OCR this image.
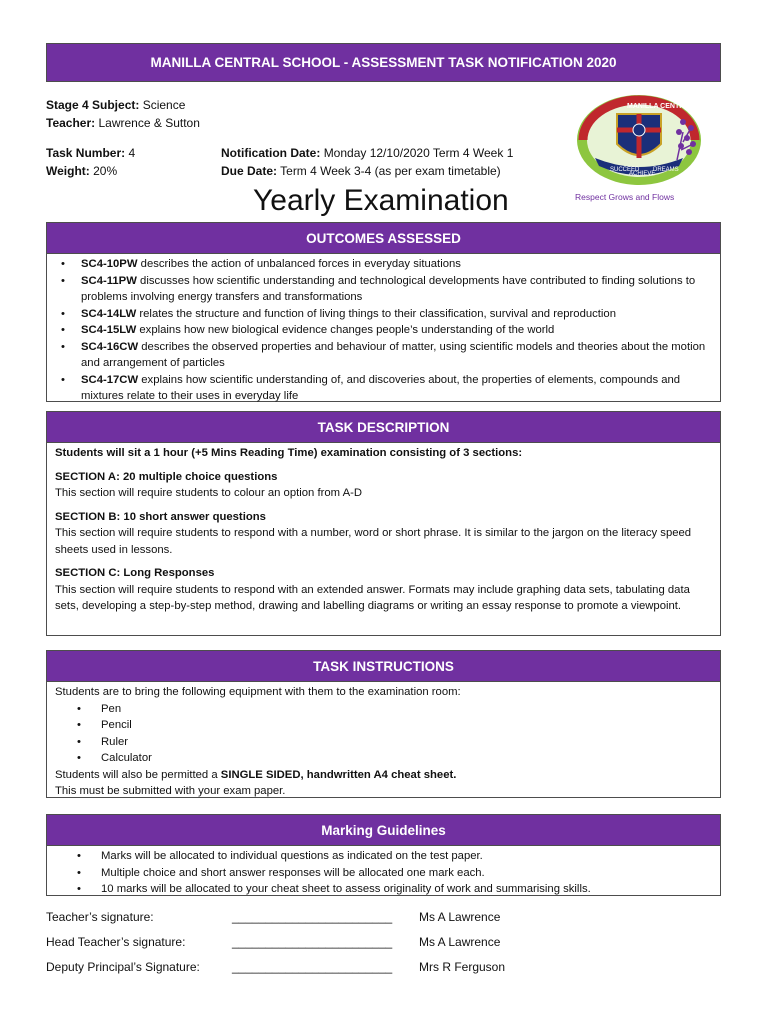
MANILLA CENTRAL SCHOOL - ASSESSMENT TASK NOTIFICATION 2020
Stage 4 Subject: Science
Teacher: Lawrence & Sutton
Task Number: 4
Weight: 20%
Notification Date: Monday 12/10/2020 Term 4 Week 1
Due Date: Term 4 Week 3-4 (as per exam timetable)
MANILLA CENTRAL SCHOOL
SUCCEED
ACHIEVE
DREAMS
Respect Grows and Flows
Yearly Examination
OUTCOMES ASSESSED
• SC4-10PW describes the action of unbalanced forces in everyday situations
• SC4-11PW discusses how scientific understanding and technological developments have contributed to finding solutions to problems involving energy transfers and transformations
• SC4-14LW relates the structure and function of living things to their classification, survival and reproduction
• SC4-15LW explains how new biological evidence changes people’s understanding of the world
• SC4-16CW describes the observed properties and behaviour of matter, using scientific models and theories about the motion and arrangement of particles
• SC4-17CW explains how scientific understanding of, and discoveries about, the properties of elements, compounds and mixtures relate to their uses in everyday life
TASK DESCRIPTION
Students will sit a 1 hour (+5 Mins Reading Time) examination consisting of 3 sections:
SECTION A: 20 multiple choice questions
This section will require students to colour an option from A-D
SECTION B: 10 short answer questions
This section will require students to respond with a number, word or short phrase. It is similar to the jargon on the literacy speed sheets used in lessons.
SECTION C: Long Responses
This section will require students to respond with an extended answer. Formats may include graphing data sets, tabulating data sets, developing a step-by-step method, drawing and labelling diagrams or writing an essay response to promote a viewpoint.
TASK INSTRUCTIONS
Students are to bring the following equipment with them to the examination room:
• Pen
• Pencil
• Ruler
• Calculator
Students will also be permitted a SINGLE SIDED, handwritten A4 cheat sheet.
This must be submitted with your exam paper.
Marking Guidelines
• Marks will be allocated to individual questions as indicated on the test paper.
• Multiple choice and short answer responses will be allocated one mark each.
• 10 marks will be allocated to your cheat sheet to assess originality of work and summarising skills.
Teacher’s signature:	________________________ Ms A Lawrence
Head Teacher’s signature:	________________________ Ms A Lawrence
Deputy Principal’s Signature:	________________________ Mrs R Ferguson
